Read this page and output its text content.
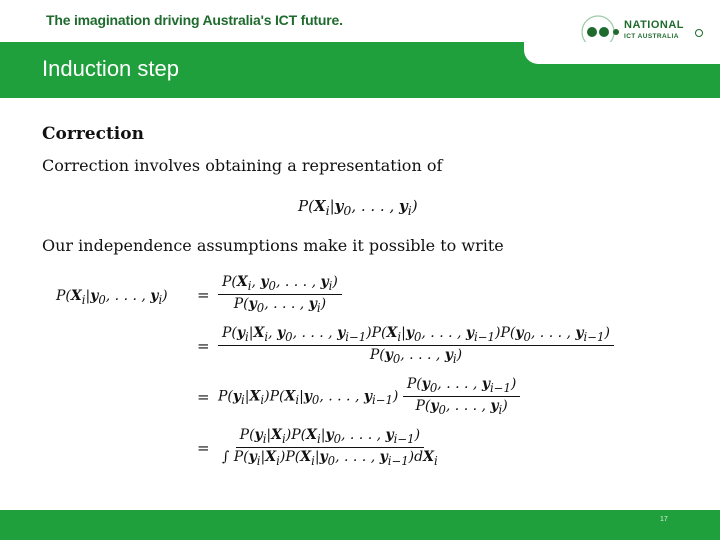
The imagination driving Australia's ICT future.	NATIONAL
ICT AUSTRALIA
Induction step
Correction
Correction involves obtaining a representation of
$P(X_i|y_0$, . . . , $y_i$)
Our independence assumptions make it possible to write
$P(X_i|y_0$, . . . , $y_i) = \frac{P(X_i, y_0, . . . , y_i)}{P(y_0, . . . , y_i)}$
=
$P(y_i|X_i$, $y_0$, . . . , $y_{i-1})P(X_i|y_0$, . . . , $y_{i-1})P(y_0$, . . . , $y_{i-1}$)
$P(y_0$, . . . , $y_i$)
= $P(y_i|X_i)P(X_i|y_0$, . . . , $y_{i-1}) \frac{P(y_0, . . . , y_{i-1})}{P(y_0, . . . , y_i)}$
= $\frac{P(y_i|X_i)P(X_i|y_0, . . . , y_{i-1})}{\int P(y_i|X_i)P(X_i|y_0, . . . , y_{i-1})dX_i}$
17
